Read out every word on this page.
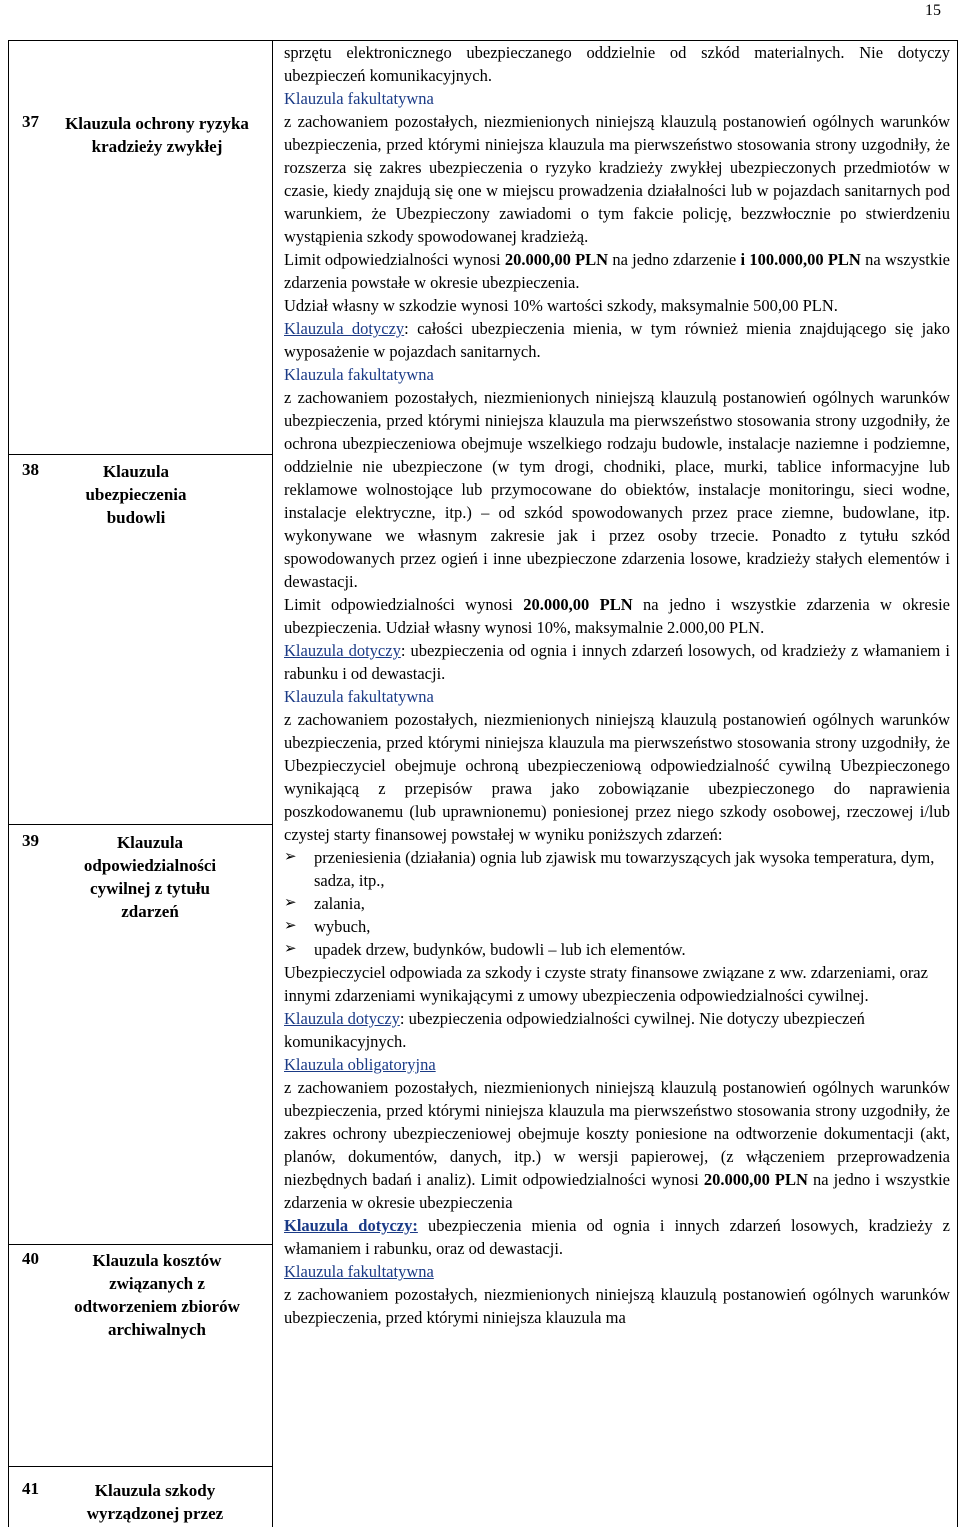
15
37 Klauzula ochrony ryzyka kradzieży zwykłej
38	Klauzula ubezpieczenia budowli
39	Klauzula odpowiedzialności cywilnej z tytułu zdarzeń
40	Klauzula kosztów związanych z odtworzeniem zbiorów archiwalnych
41	Klauzula szkody wyrządzonej przez

sprzętu elektronicznego ubezpieczanego oddzielnie od szkód materialnych. Nie dotyczy ubezpieczeń komunikacyjnych.

Klauzula fakultatywna

z zachowaniem pozostałych, niezmienionych niniejszą klauzulą postanowień ogólnych warunków ubezpieczenia, przed którymi niniejsza klauzula ma pierwszeństwo stosowania strony uzgodniły, że rozszerza się zakres ubezpieczenia o ryzyko kradzieży zwykłej ubezpieczonych przedmiotów w czasie, kiedy znajdują się one w miejscu prowadzenia działalności lub w pojazdach sanitarnych pod warunkiem, że Ubezpieczony zawiadomi o tym fakcie policję, bezzwłocznie po stwierdzeniu wystąpienia szkody spowodowanej kradzieżą.

Limit odpowiedzialności wynosi 20.000,00 PLN na jedno zdarzenie i 100.000,00 PLN na wszystkie zdarzenia powstałe w okresie ubezpieczenia.

Udział własny w szkodzie wynosi 10% wartości szkody, maksymalnie 500,00 PLN.

Klauzula dotyczy: całości ubezpieczenia mienia, w tym również mienia znajdującego się jako wyposażenie w pojazdach sanitarnych.

Klauzula fakultatywna

z zachowaniem pozostałych, niezmienionych niniejszą klauzulą postanowień ogólnych warunków ubezpieczenia, przed którymi niniejsza klauzula ma pierwszeństwo stosowania strony uzgodniły, że ochrona ubezpieczeniowa obejmuje wszelkiego rodzaju budowle, instalacje naziemne i podziemne, oddzielnie nie ubezpieczone (w tym drogi, chodniki, place, murki, tablice informacyjne lub reklamowe wolnostojące lub przymocowane do obiektów, instalacje monitoringu, sieci wodne, instalacje elektryczne, itp.) – od szkód spowodowanych przez prace ziemne, budowlane, itp. wykonywane we własnym zakresie jak i przez osoby trzecie. Ponadto z tytułu szkód spowodowanych przez ogień i inne ubezpieczone zdarzenia losowe, kradzieży stałych elementów i dewastacji.

Limit odpowiedzialności wynosi 20.000,00 PLN na jedno i wszystkie zdarzenia w okresie ubezpieczenia. Udział własny wynosi 10%, maksymalnie 2.000,00 PLN.

Klauzula dotyczy: ubezpieczenia od ognia i innych zdarzeń losowych, od kradzieży z włamaniem i rabunku i od dewastacji.

Klauzula fakultatywna

z zachowaniem pozostałych, niezmienionych niniejszą klauzulą postanowień ogólnych warunków ubezpieczenia, przed którymi niniejsza klauzula ma pierwszeństwo stosowania strony uzgodniły, że Ubezpieczyciel obejmuje ochroną ubezpieczeniową odpowiedzialność cywilną Ubezpieczonego wynikającą z przepisów prawa jako zobowiązanie ubezpieczonego do naprawienia poszkodowanemu (lub uprawnionemu) poniesionej przez niego szkody osobowej, rzeczowej i/lub czystej starty finansowej powstałej w wyniku poniższych zdarzeń:

➢ przeniesienia (działania) ognia lub zjawisk mu towarzyszących jak wysoka temperatura, dym, sadza, itp.,
➢ zalania,
➢ wybuch,
➢ upadek drzew, budynków, budowli – lub ich elementów.

Ubezpieczyciel odpowiada za szkody i czyste straty finansowe związane z ww. zdarzeniami, oraz innymi zdarzeniami wynikającymi z umowy ubezpieczenia odpowiedzialności cywilnej.

Klauzula dotyczy: ubezpieczenia odpowiedzialności cywilnej. Nie dotyczy ubezpieczeń komunikacyjnych.

Klauzula obligatoryjna

z zachowaniem pozostałych, niezmienionych niniejszą klauzulą postanowień ogólnych warunków ubezpieczenia, przed którymi niniejsza klauzula ma pierwszeństwo stosowania strony uzgodniły, że zakres ochrony ubezpieczeniowej obejmuje koszty poniesione na odtworzenie dokumentacji (akt, planów, dokumentów, danych, itp.) w wersji papierowej, (z włączeniem przeprowadzenia niezbędnych badań i analiz). Limit odpowiedzialności wynosi 20.000,00 PLN na jedno i wszystkie zdarzenia w okresie ubezpieczenia

Klauzula dotyczy: ubezpieczenia mienia od ognia i innych zdarzeń losowych, kradzieży z włamaniem i rabunku, oraz od dewastacji.

Klauzula fakultatywna

z zachowaniem pozostałych, niezmienionych niniejszą klauzulą postanowień ogólnych warunków ubezpieczenia, przed którymi niniejsza klauzula ma
